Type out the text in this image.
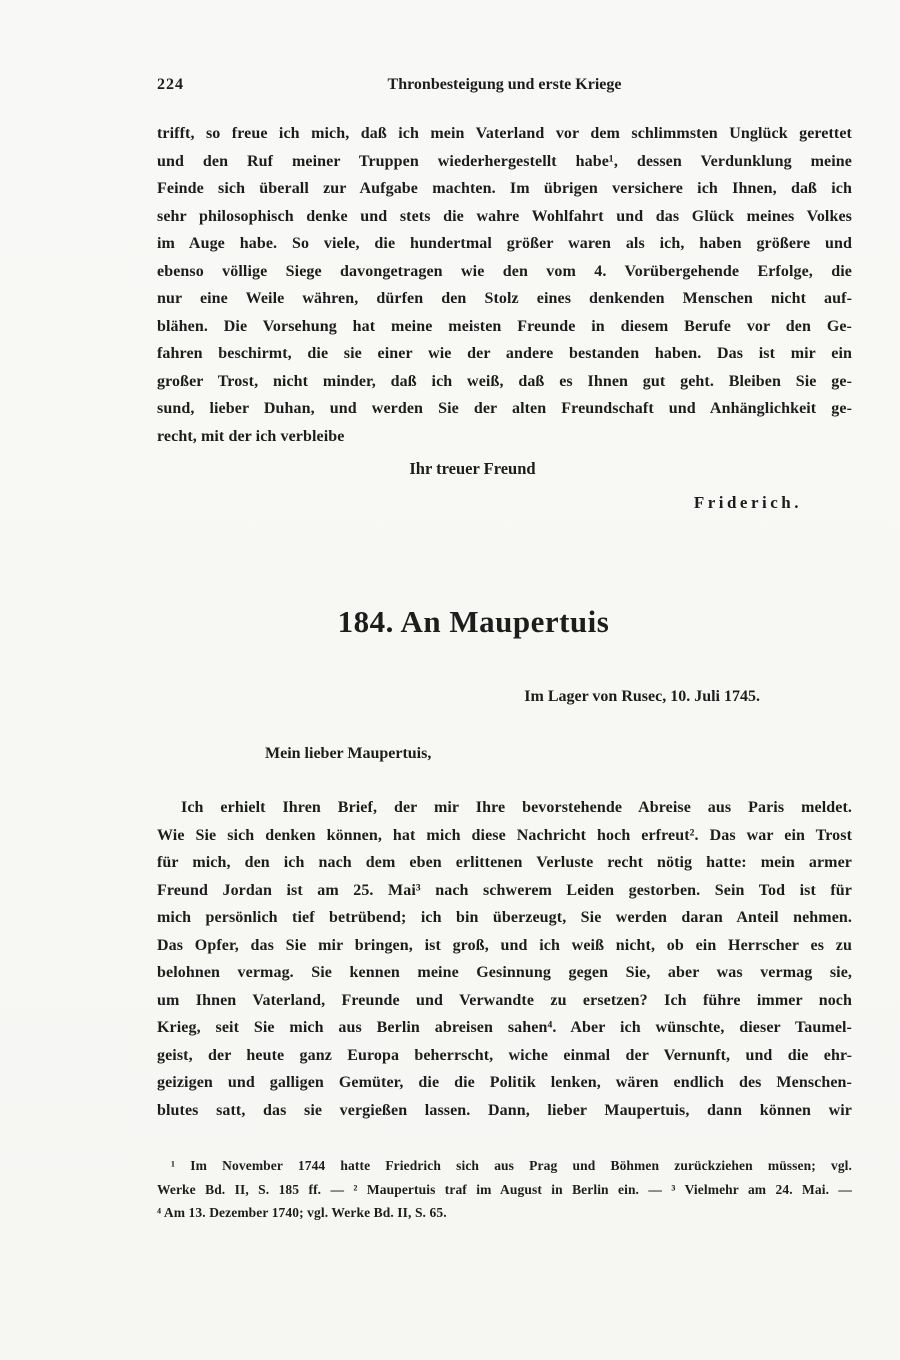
224	Thronbesteigung und erste Kriege
trifft, so freue ich mich, daß ich mein Vaterland vor dem schlimmsten Unglück gerettet
und den Ruf meiner Truppen wiederhergestellt habe¹, dessen Verdunklung meine
Feinde sich überall zur Aufgabe machten. Im übrigen versichere ich Ihnen, daß ich
sehr philosophisch denke und stets die wahre Wohlfahrt und das Glück meines Volkes
im Auge habe. So viele, die hundertmal größer waren als ich, haben größere und
ebenso völlige Siege davongetragen wie den vom 4. Vorübergehende Erfolge, die
nur eine Weile währen, dürfen den Stolz eines denkenden Menschen nicht auf-
blähen. Die Vorsehung hat meine meisten Freunde in diesem Berufe vor den Ge-
fahren beschirmt, die sie einer wie der andere bestanden haben. Das ist mir ein
großer Trost, nicht minder, daß ich weiß, daß es Ihnen gut geht. Bleiben Sie ge-
sund, lieber Duhan, und werden Sie der alten Freundschaft und Anhänglichkeit ge-
recht, mit der ich verbleibe
Ihr treuer Freund
Friderich.
184. An Maupertuis
Im Lager von Rusec, 10. Juli 1745.
Mein lieber Maupertuis,
Ich erhielt Ihren Brief, der mir Ihre bevorstehende Abreise aus Paris meldet.
Wie Sie sich denken können, hat mich diese Nachricht hoch erfreut². Das war ein Trost
für mich, den ich nach dem eben erlittenen Verluste recht nötig hatte: mein armer
Freund Jordan ist am 25. Mai³ nach schwerem Leiden gestorben. Sein Tod ist für
mich persönlich tief betrübend; ich bin überzeugt, Sie werden daran Anteil nehmen.
Das Opfer, das Sie mir bringen, ist groß, und ich weiß nicht, ob ein Herrscher es zu
belohnen vermag. Sie kennen meine Gesinnung gegen Sie, aber was vermag sie,
um Ihnen Vaterland, Freunde und Verwandte zu ersetzen? Ich führe immer noch
Krieg, seit Sie mich aus Berlin abreisen sahen⁴. Aber ich wünschte, dieser Taumel-
geist, der heute ganz Europa beherrscht, wiche einmal der Vernunft, und die ehr-
geizigen und galligen Gemüter, die die Politik lenken, wären endlich des Menschen-
blutes satt, das sie vergießen lassen. Dann, lieber Maupertuis, dann können wir
¹ Im November 1744 hatte Friedrich sich aus Prag und Böhmen zurückziehen müssen; vgl.
Werke Bd. II, S. 185 ff. — ² Maupertuis traf im August in Berlin ein. — ³ Vielmehr am 24. Mai. —
⁴ Am 13. Dezember 1740; vgl. Werke Bd. II, S. 65.
